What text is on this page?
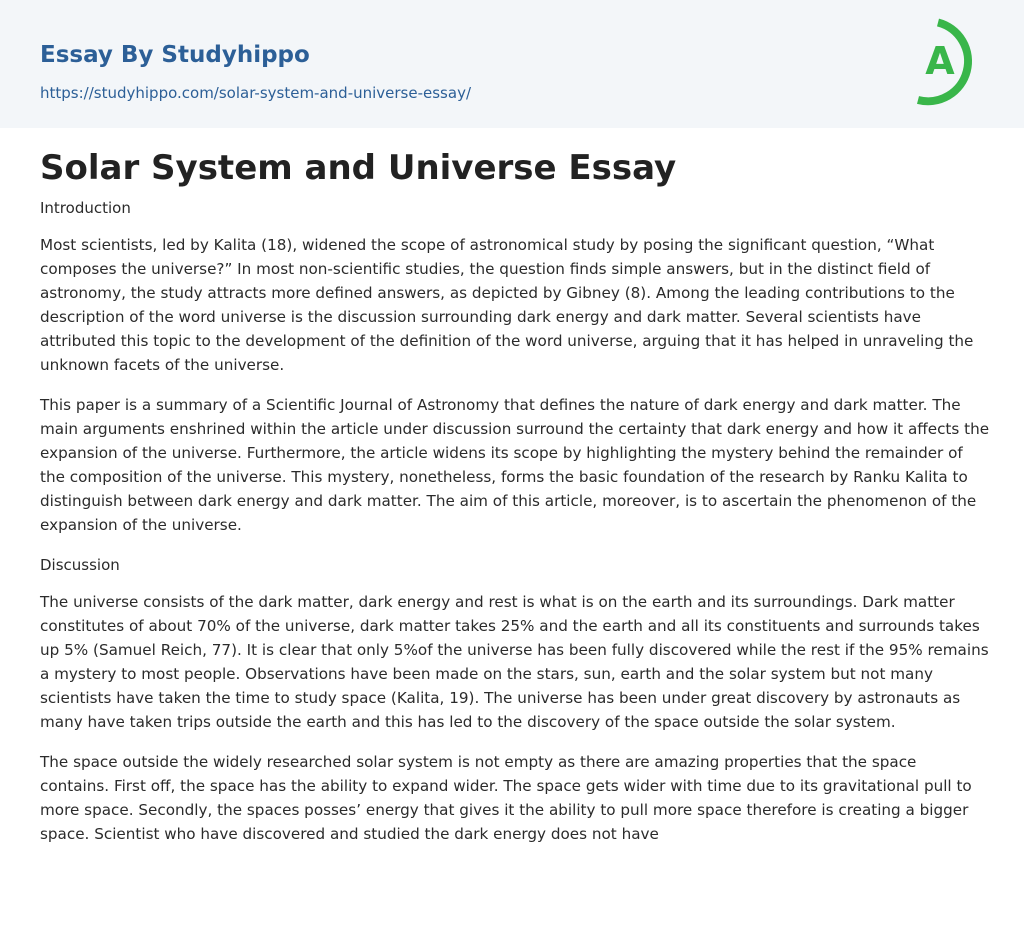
Essay By Studyhippo
https://studyhippo.com/solar-system-and-universe-essay/
A
Solar System and Universe Essay
Introduction

Most scientists, led by Kalita (18), widened the scope of astronomical study by posing the significant question, “What composes the universe?” In most non-scientific studies, the question finds simple answers, but in the distinct field of astronomy, the study attracts more defined answers, as depicted by Gibney (8). Among the leading contributions to the description of the word universe is the discussion surrounding dark energy and dark matter. Several scientists have attributed this topic to the development of the definition of the word universe, arguing that it has helped in unraveling the unknown facets of the universe.

This paper is a summary of a Scientific Journal of Astronomy that defines the nature of dark energy and dark matter. The main arguments enshrined within the article under discussion surround the certainty that dark energy and how it affects the expansion of the universe. Furthermore, the article widens its scope by highlighting the mystery behind the remainder of the composition of the universe. This mystery, nonetheless, forms the basic foundation of the research by Ranku Kalita to distinguish between dark energy and dark matter. The aim of this article, moreover, is to ascertain the phenomenon of the expansion of the universe.

Discussion

The universe consists of the dark matter, dark energy and rest is what is on the earth and its surroundings. Dark matter constitutes of about 70% of the universe, dark matter takes 25% and the earth and all its constituents and surrounds takes up 5% (Samuel Reich, 77). It is clear that only 5%of the universe has been fully discovered while the rest if the 95% remains a mystery to most people. Observations have been made on the stars, sun, earth and the solar system but not many scientists have taken the time to study space (Kalita, 19). The universe has been under great discovery by astronauts as many have taken trips outside the earth and this has led to the discovery of the space outside the solar system.

The space outside the widely researched solar system is not empty as there are amazing properties that the space contains. First off, the space has the ability to expand wider. The space gets wider with time due to its gravitational pull to more space. Secondly, the spaces posses’ energy that gives it the ability to pull more space therefore is creating a bigger space. Scientist who have discovered and studied the dark energy does not have
